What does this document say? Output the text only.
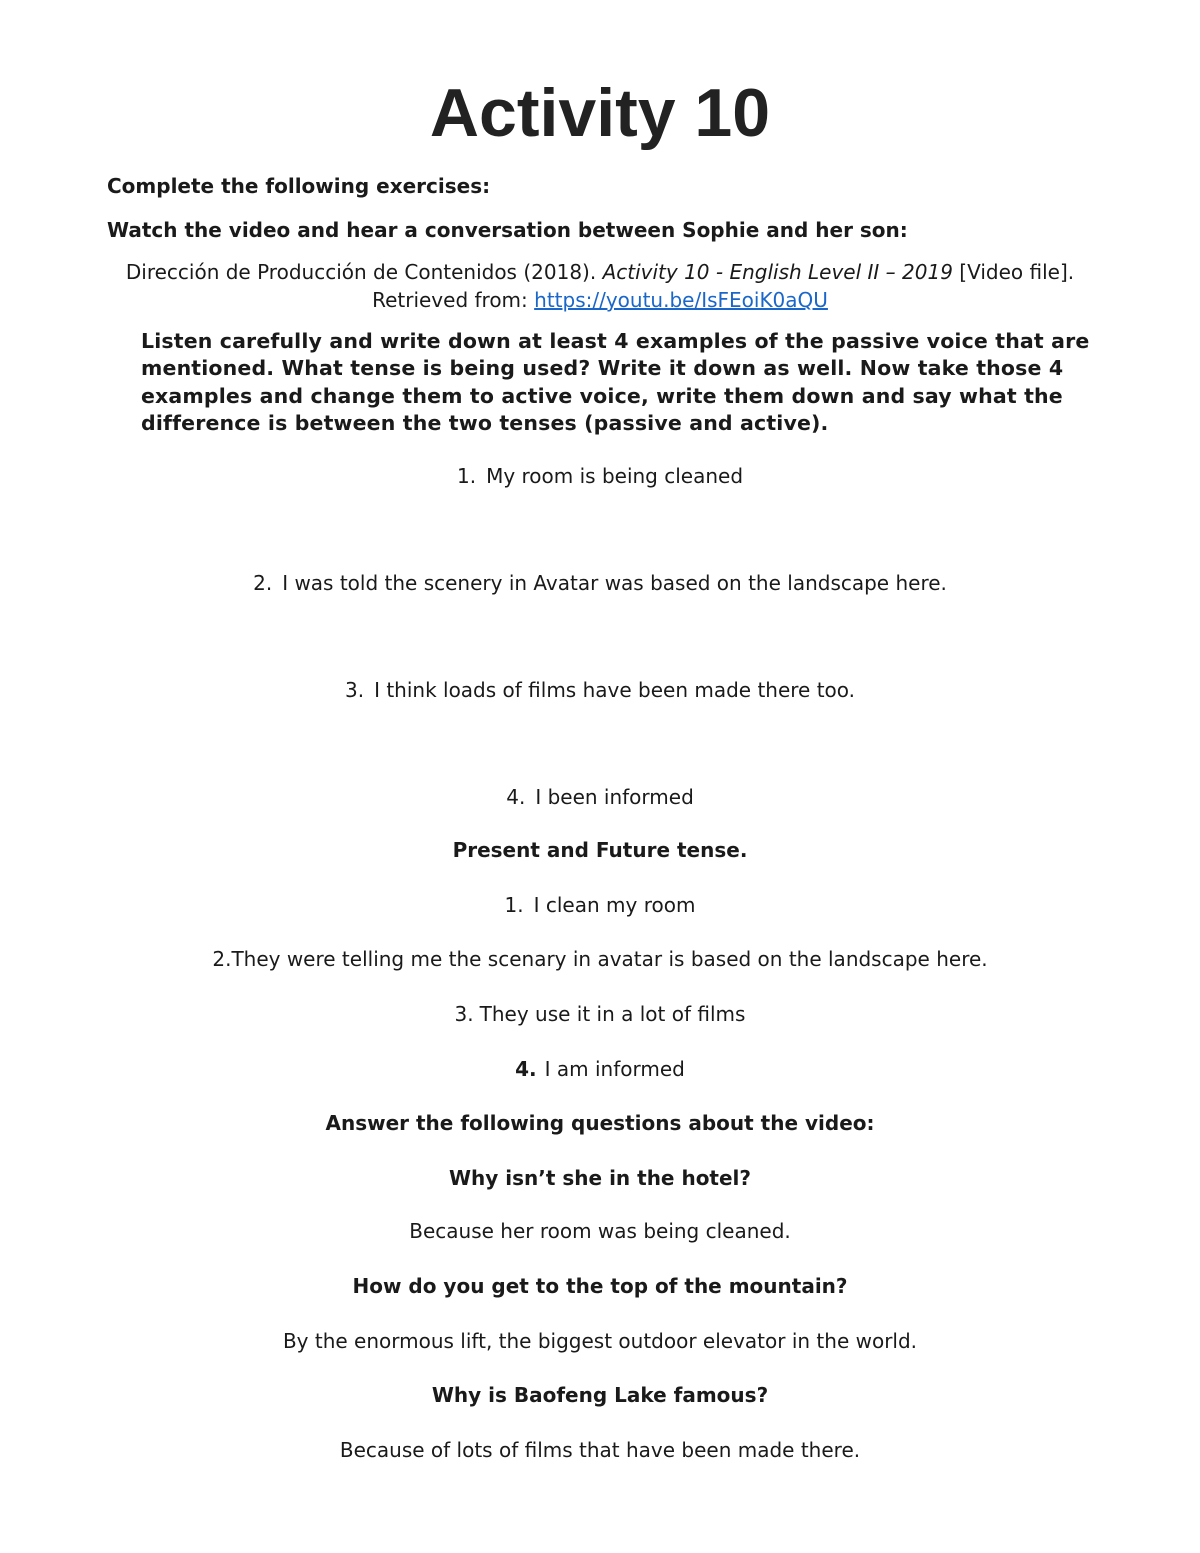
Activity 10

Complete the following exercises:

Watch the video and hear a conversation between Sophie and her son:

Dirección de Producción de Contenidos (2018). Activity 10 - English Level II – 2019 [Video file].
Retrieved from: https://youtu.be/IsFEoiK0aQU

Listen carefully and write down at least 4 examples of the passive voice that are mentioned. What tense is being used? Write it down as well. Now take those 4 examples and change them to active voice, write them down and say what the difference is between the two tenses (passive and active).

1. My room is being cleaned

2. I was told the scenery in Avatar was based on the landscape here.

3. I think loads of films have been made there too.

4. I been informed

Present and Future tense.

1. I clean my room

2.They were telling me the scenary in avatar is based on the landscape here.

3. They use it in a lot of films

4. I am informed

Answer the following questions about the video:

Why isn’t she in the hotel?

Because her room was being cleaned.

How do you get to the top of the mountain?

By the enormous lift, the biggest outdoor elevator in the world.

Why is Baofeng Lake famous?

Because of lots of films that have been made there.
